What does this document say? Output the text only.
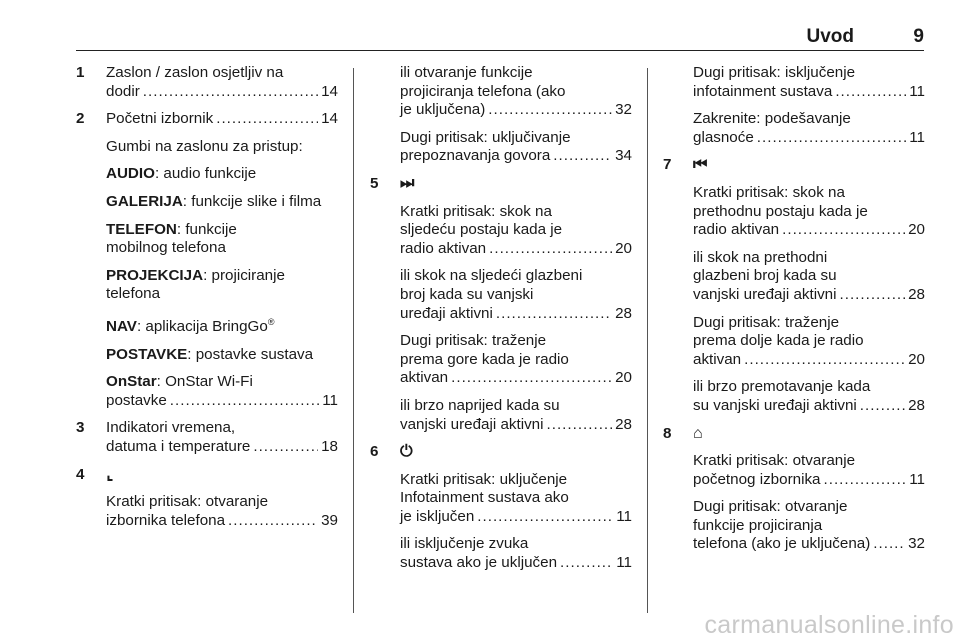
Uvod	9
1 Zaslon / zaslon osjetljiv na
dodir .....	14
2 Početni izbornik .....	14
Gumbi na zaslonu za pristup:
AUDIO: audio funkcije
GALERIJA: funkcije slike i filma
TELEFON: funkcije
mobilnog telefona
PROJEKCIJA: projiciranje
telefona
NAV: aplikacija BringGo®
POSTAVKE: postavke sustava
OnStar: OnStar Wi-Fi
postavke .....	11
3 Indikatori vremena,
datuma i temperature .....	18
4 ⌞
Kratki pritisak: otvaranje
izbornika telefona .....	39
ili otvaranje funkcije
projiciranja telefona (ako
je uključena) .....	32
Dugi pritisak: uključivanje
prepoznavanja govora .....	34
5 ⏭
Kratki pritisak: skok na
sljedeću postaju kada je
radio aktivan .....	20
ili skok na sljedeći glazbeni
broj kada su vanjski
uređaji aktivni .....	28
Dugi pritisak: traženje
prema gore kada je radio
aktivan .....	20
ili brzo naprijed kada su
vanjski uređaji aktivni .....	28
6 ⏻
Kratki pritisak: uključenje
Infotainment sustava ako
je isključen .....	11
ili isključenje zvuka
sustava ako je uključen .....	11
Dugi pritisak: isključenje
infotainment sustava .....	11
Zakrenite: podešavanje
glasnoće .....	11
7 ⏮
Kratki pritisak: skok na
prethodnu postaju kada je
radio aktivan .....	20
ili skok na prethodni
glazbeni broj kada su
vanjski uređaji aktivni .....	28
Dugi pritisak: traženje
prema dolje kada je radio
aktivan .....	20
ili brzo premotavanje kada
su vanjski uređaji aktivni .....	28
8 ⌂
Kratki pritisak: otvaranje
početnog izbornika .....	11
Dugi pritisak: otvaranje
funkcije projiciranja
telefona (ako je uključena) ..... 32
carmanualsonline.info
